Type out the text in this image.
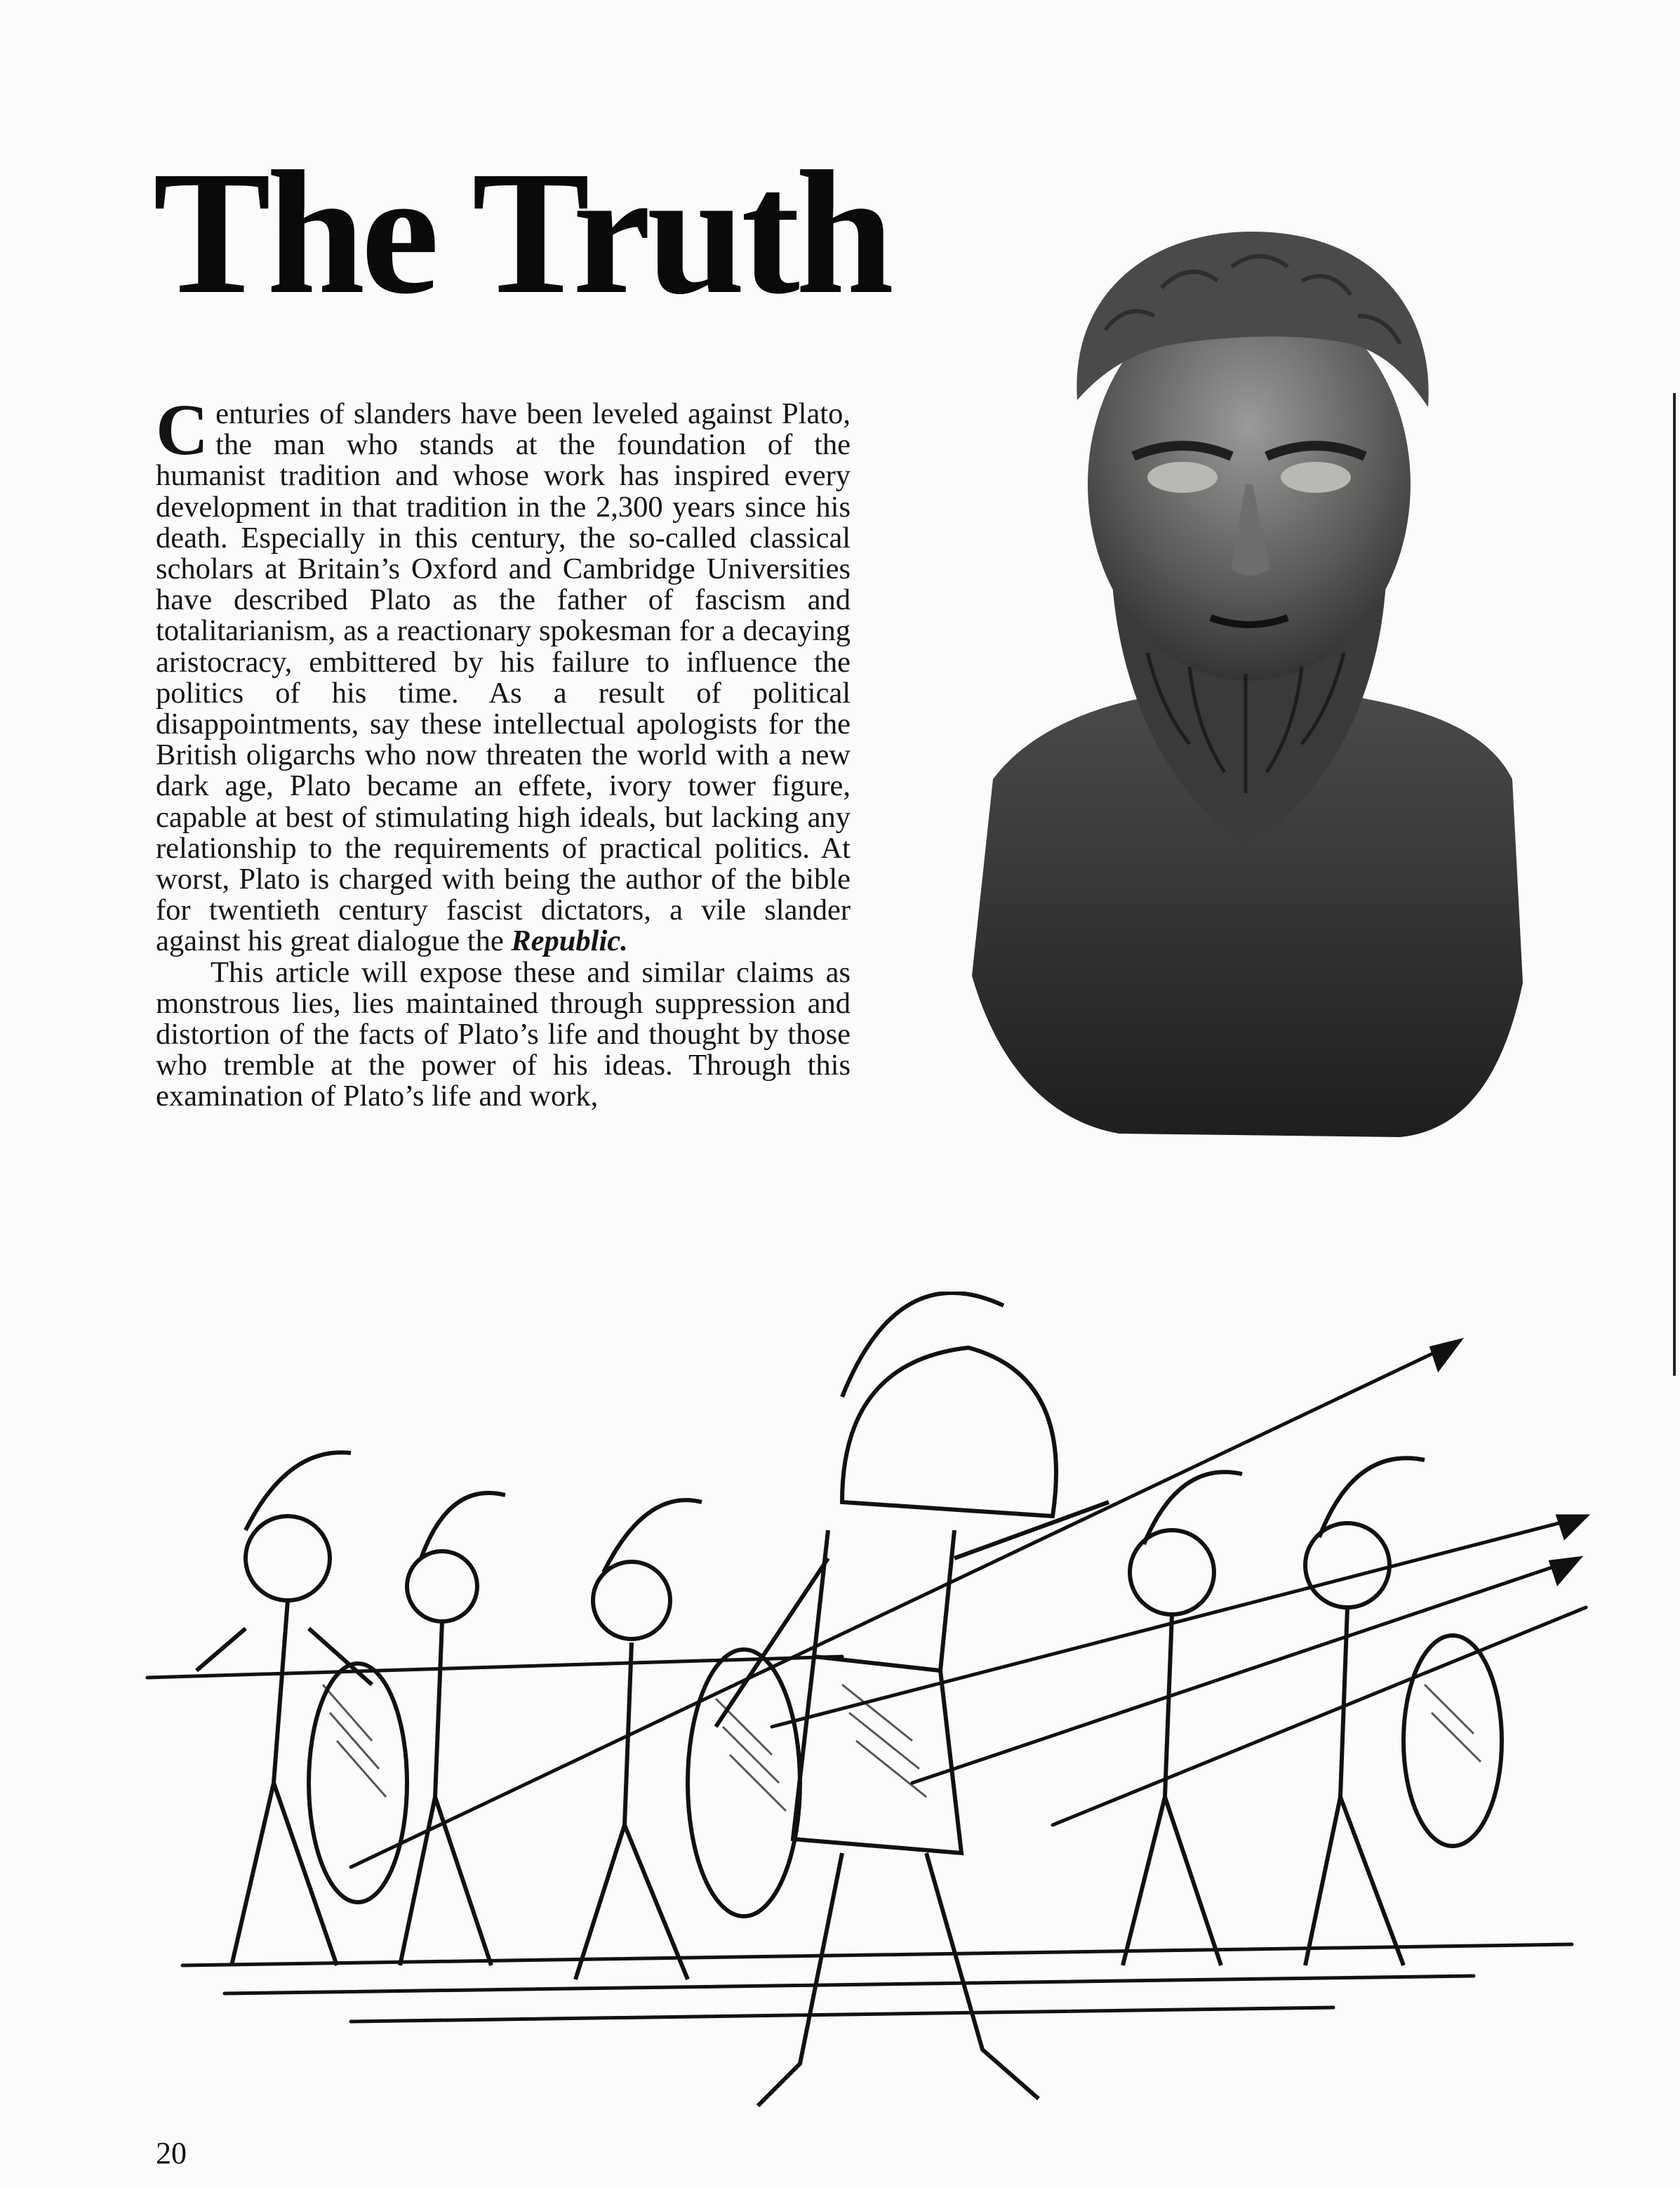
The Truth

Centuries of slanders have been leveled against Plato, the man who stands at the foundation of the humanist tradition and whose work has inspired every development in that tradition in the 2,300 years since his death. Especially in this century, the so-called classical scholars at Britain’s Oxford and Cambridge Universities have described Plato as the father of fascism and totalitarianism, as a reactionary spokesman for a decaying aristocracy, embittered by his failure to influence the politics of his time. As a result of political disappointments, say these intellectual apologists for the British oligarchs who now threaten the world with a new dark age, Plato became an effete, ivory tower figure, capable at best of stimulating high ideals, but lacking any relationship to the requirements of practical politics. At worst, Plato is charged with being the author of the bible for twentieth century fascist dictators, a vile slander against his great dialogue the Republic.

This article will expose these and similar claims as monstrous lies, lies maintained through suppression and distortion of the facts of Plato’s life and thought by those who tremble at the power of his ideas. Through this examination of Plato’s life and work,

20
